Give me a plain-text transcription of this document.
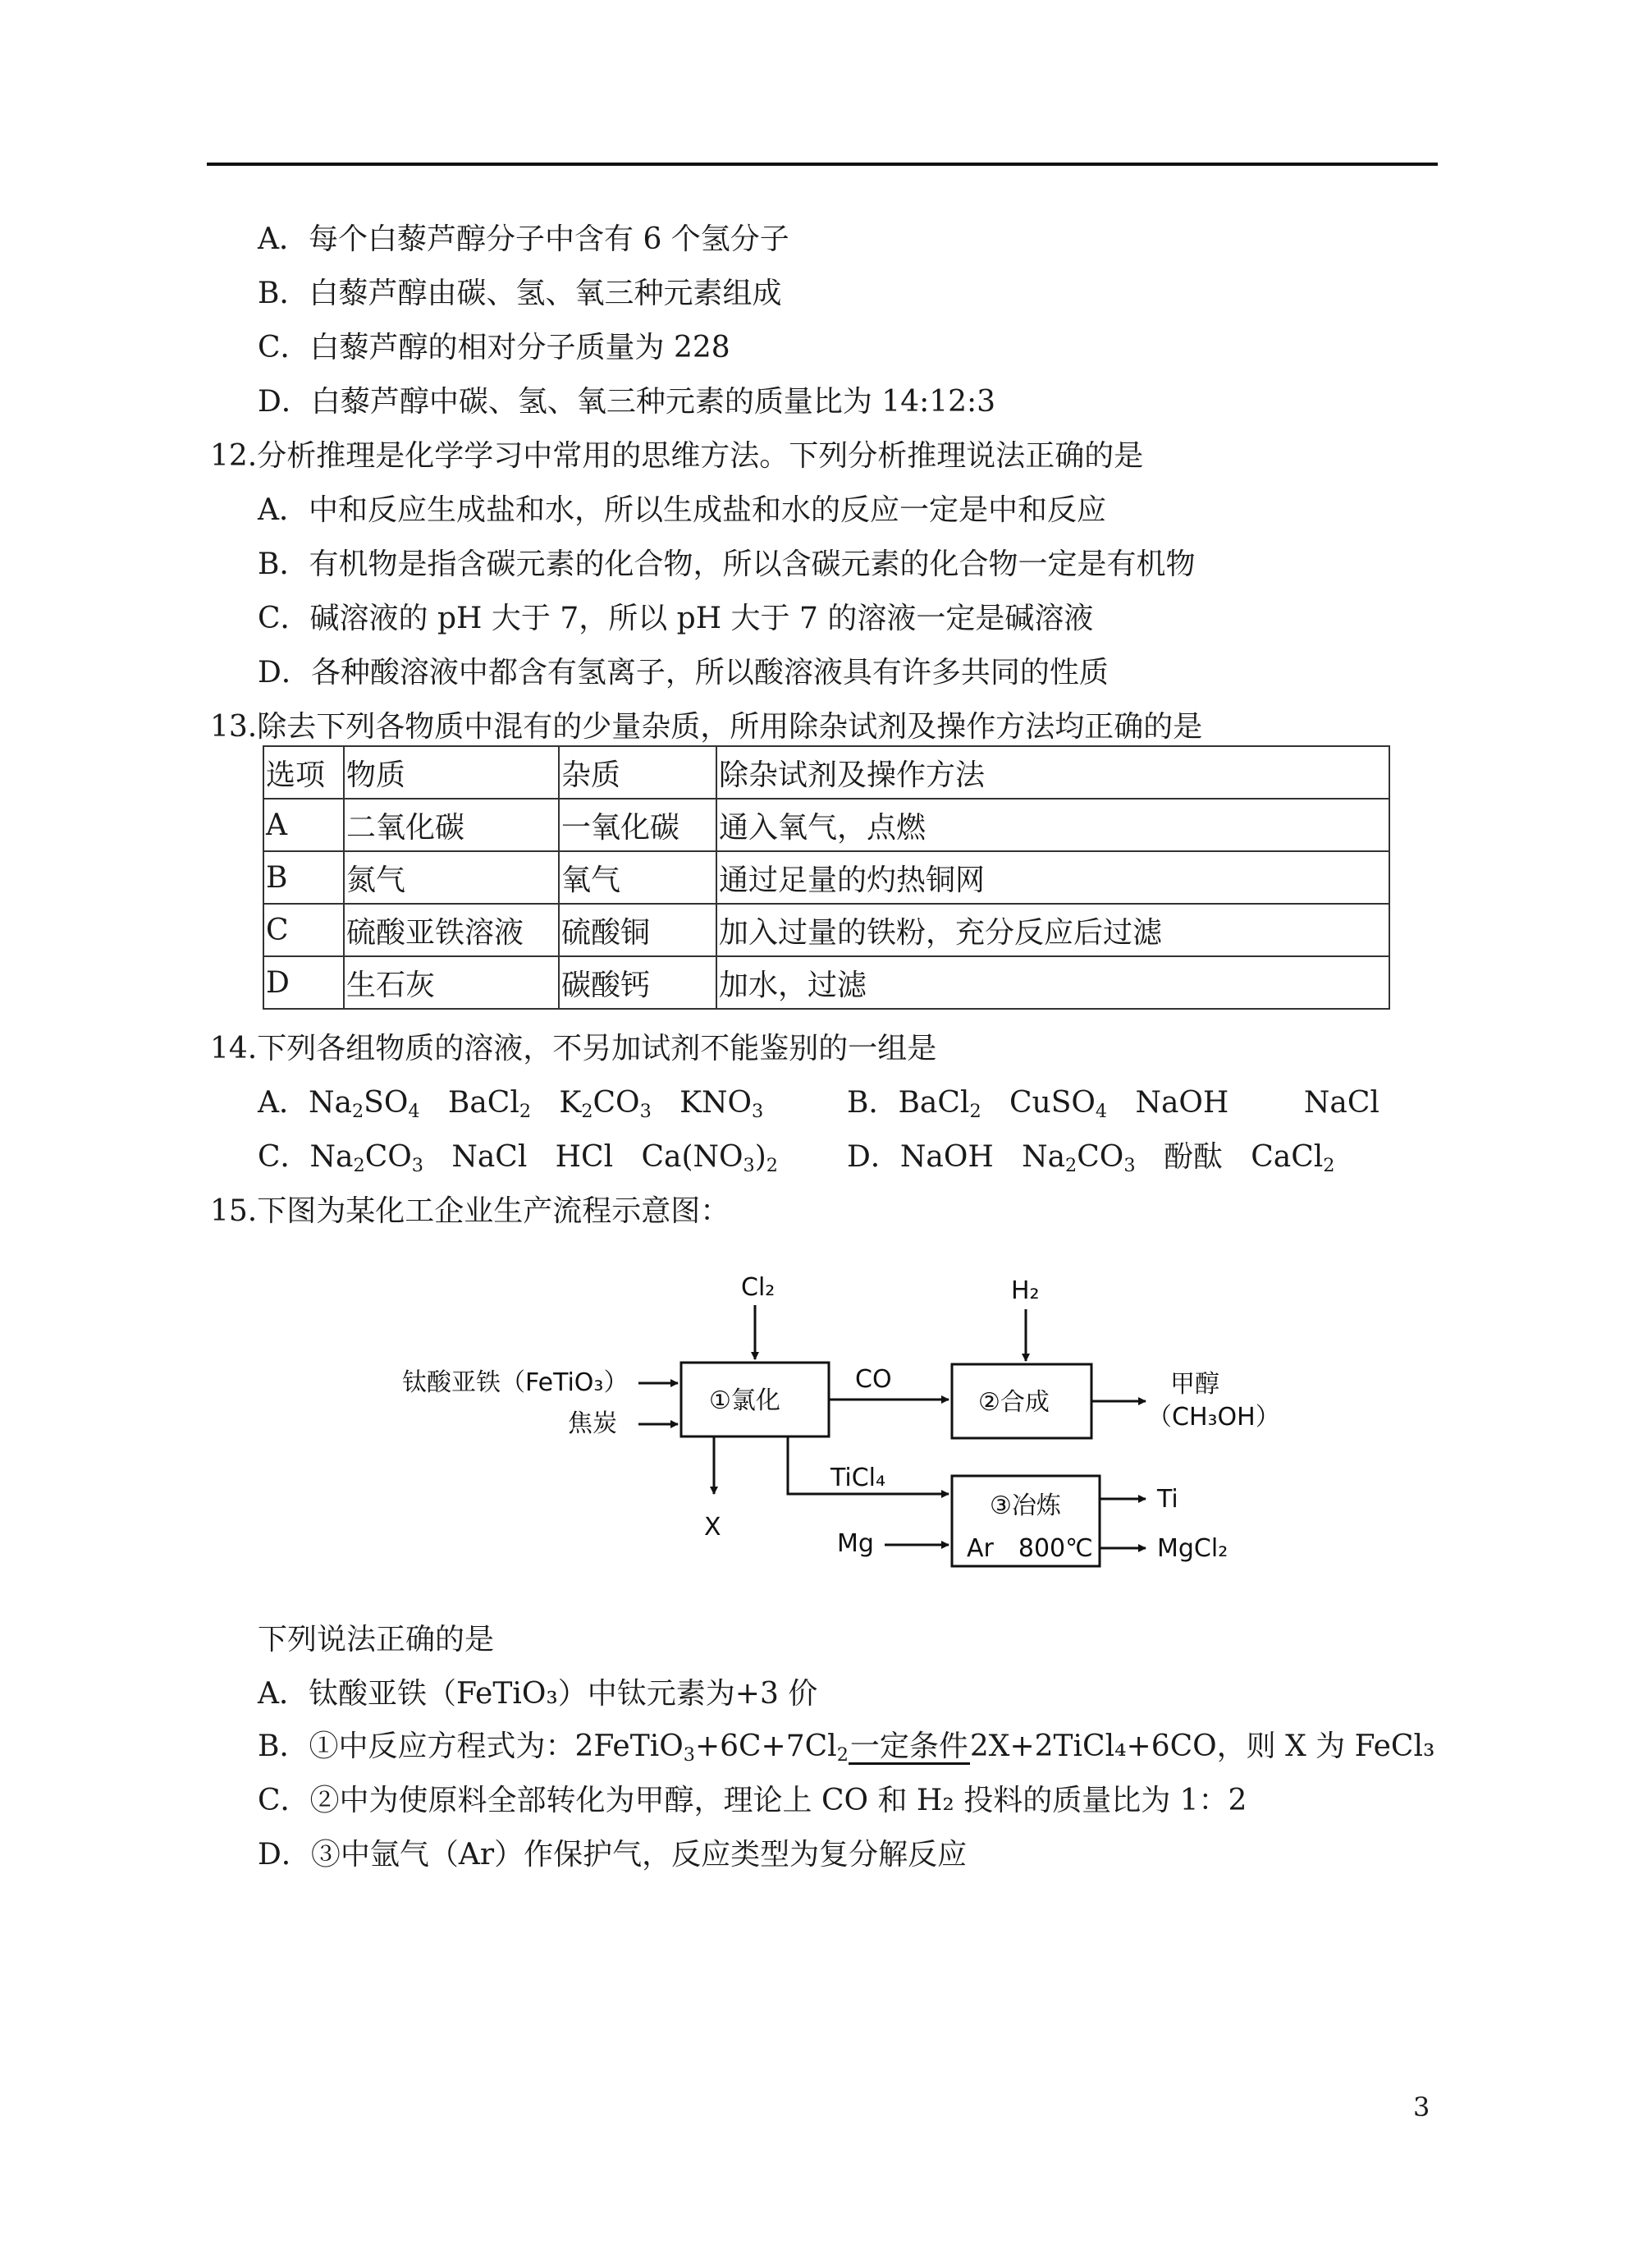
A．每个白藜芦醇分子中含有 6 个氢分子
B．白藜芦醇由碳、氢、氧三种元素组成
C．白藜芦醇的相对分子质量为 228
D．白藜芦醇中碳、氢、氧三种元素的质量比为 14:12:3
12.分析推理是化学学习中常用的思维方法。下列分析推理说法正确的是
A．中和反应生成盐和水，所以生成盐和水的反应一定是中和反应
B．有机物是指含碳元素的化合物，所以含碳元素的化合物一定是有机物
C．碱溶液的 pH 大于 7，所以 pH 大于 7 的溶液一定是碱溶液
D．各种酸溶液中都含有氢离子，所以酸溶液具有许多共同的性质
13.除去下列各物质中混有的少量杂质，所用除杂试剂及操作方法均正确的是
选项	物质	杂质	除杂试剂及操作方法
A	二氧化碳	一氧化碳	通入氧气，点燃
B	氮气	氧气	通过足量的灼热铜网
C	硫酸亚铁溶液	硫酸铜	加入过量的铁粉，充分反应后过滤
D	生石灰	碳酸钙	加水，过滤
14.下列各组物质的溶液，不另加试剂不能鉴别的一组是
A．$Na_2SO_4$   BaCl$_2$   $K_2CO_3$   $KNO_3$	B．BaCl$_2$   CuSO$_4$   NaOH        NaCl
C．$Na_2CO_3$   NaCl   HCl   $Ca(NO_3)_2$ D．NaOH   $Na_2CO_3$ 酚酞   CaCl$_2$
15.下图为某化工企业生产流程示意图：
Cl₂	H₂
钛酸亚铁（FeTiO₃）
焦炭
①氯化
CO
②合成
甲醇
（CH₃OH）
X
TiCl₄
③冶炼
Ar　800℃
Mg
Ti
MgCl₂
下列说法正确的是
A．钛酸亚铁（FeTiO₃）中钛元素为+3 价
B．①中反应方程式为：$2FeTiO_3+6C+7Cl_2$ 一定条件 2X+2TiCl₄+6CO，则 X 为 FeCl₃
C．②中为使原料全部转化为甲醇，理论上 CO 和 H₂ 投料的质量比为 1：2
D．③中氩气（Ar）作保护气，反应类型为复分解反应
3
